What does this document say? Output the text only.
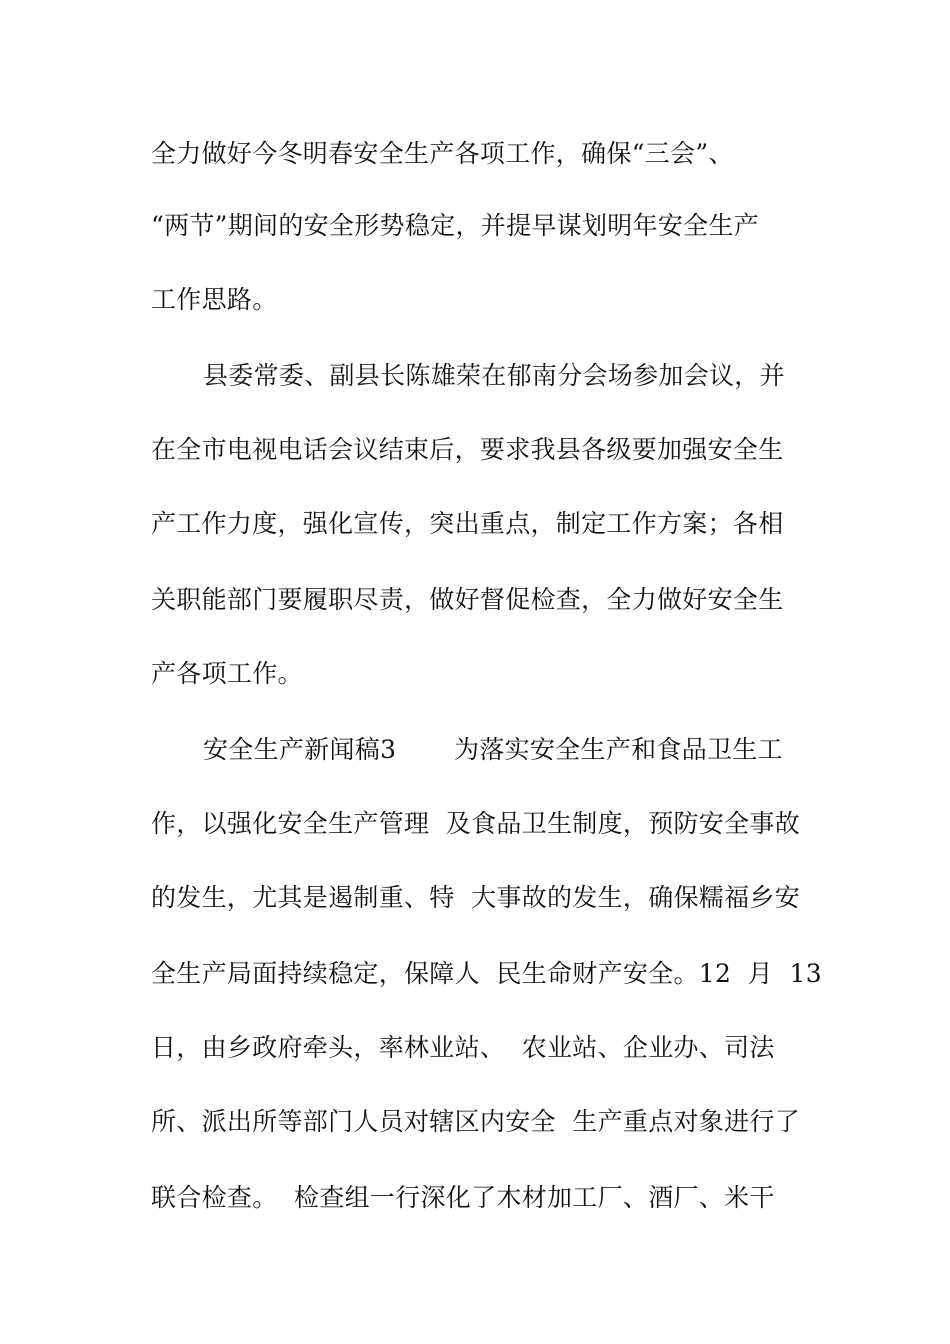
全力做好今冬明春安全生产各项工作，确保“三会”、
“两节”期间的安全形势稳定，并提早谋划明年安全生产
工作思路。
县委常委、副县长陈雄荣在郁南分会场参加会议，并
在全市电视电话会议结束后，要求我县各级要加强安全生
产工作力度，强化宣传，突出重点，制定工作方案；各相
关职能部门要履职尽责，做好督促检查，全力做好安全生
产各项工作。
安全生产新闻稿3       为落实安全生产和食品卫生工
作，以强化安全生产管理  及食品卫生制度，预防安全事故
的发生，尤其是遏制重、特  大事故的发生，确保糯福乡安
全生产局面持续稳定，保障人  民生命财产安全。12  月  13
日，由乡政府牵头，率林业站、  农业站、企业办、司法
所、派出所等部门人员对辖区内安全  生产重点对象进行了
联合检查。  检查组一行深化了木材加工厂、酒厂、米干
